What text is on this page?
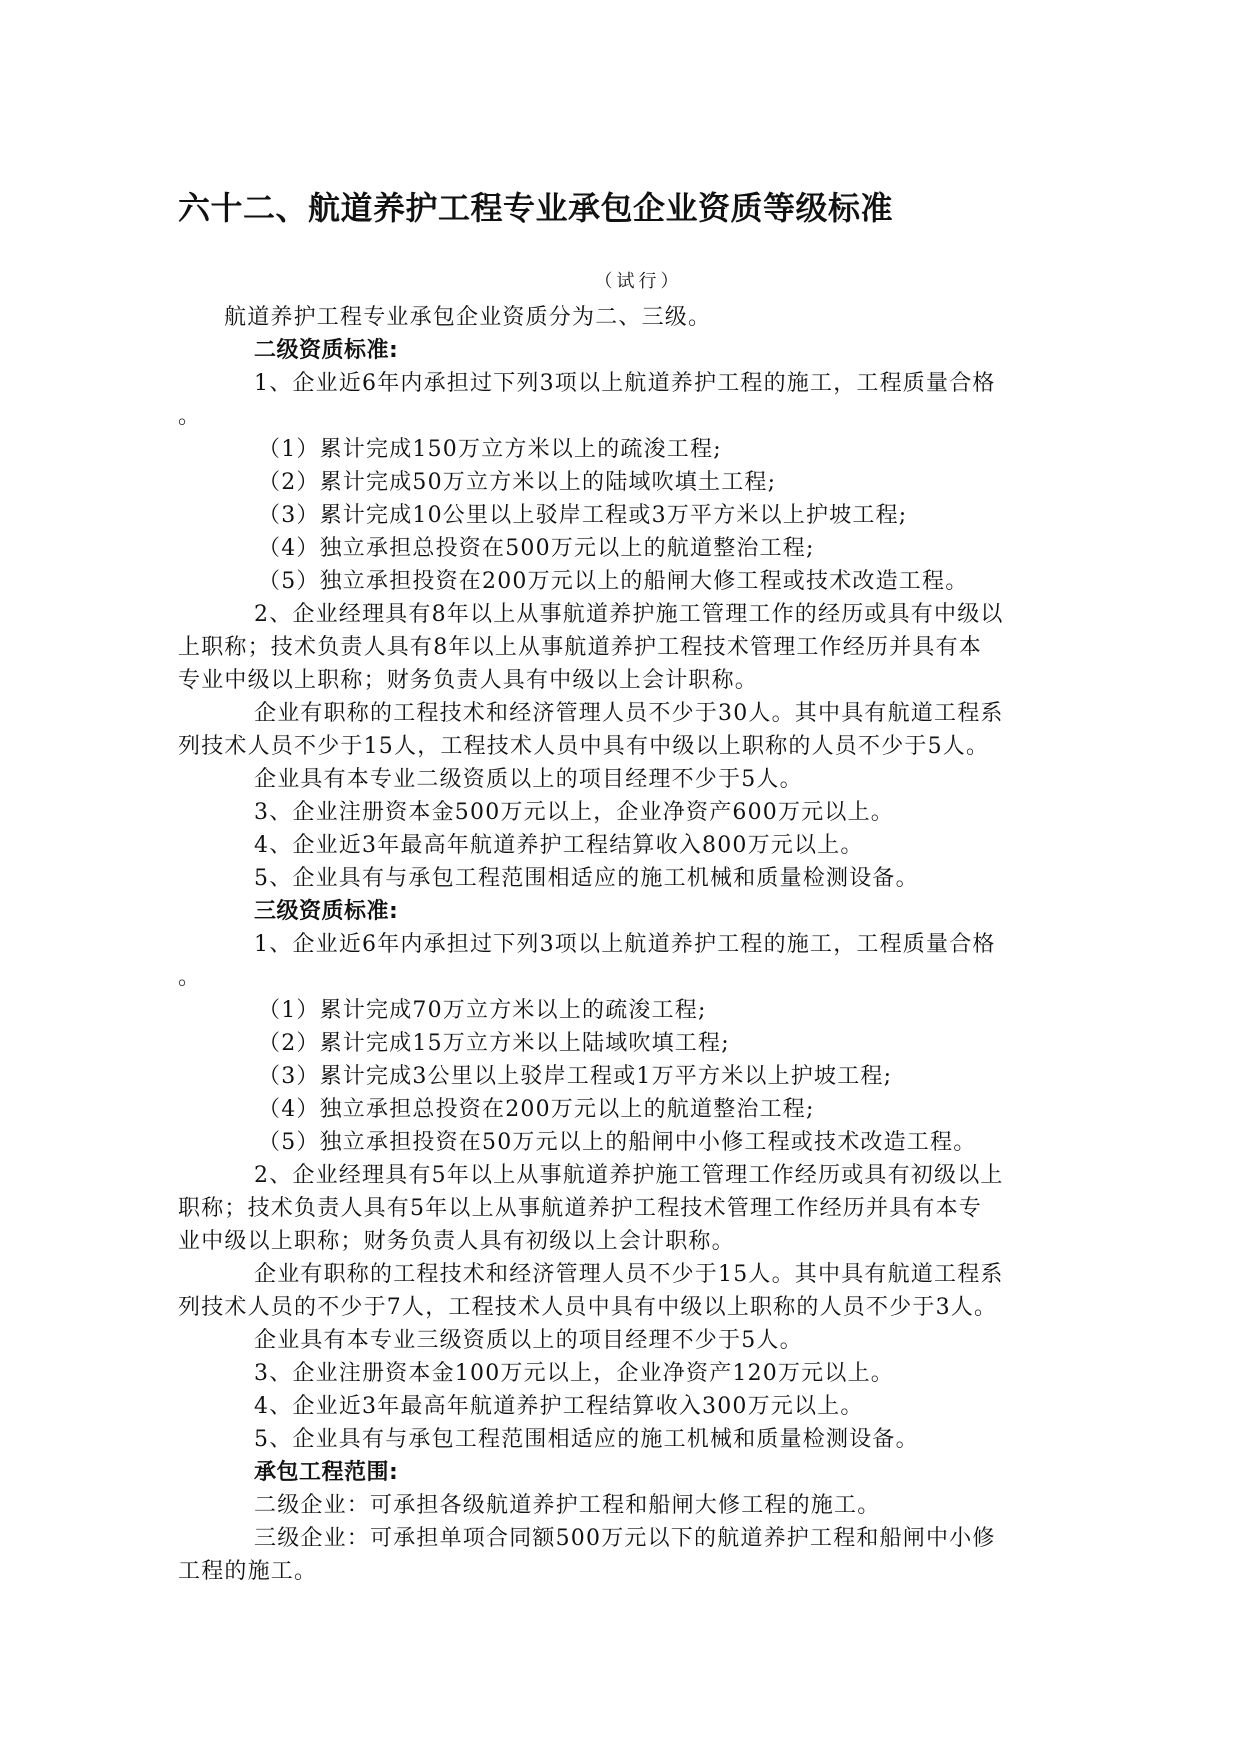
六十二、航道养护工程专业承包企业资质等级标准
（试行）

航道养护工程专业承包企业资质分为二、三级。

二级资质标准:

1、企业近6年内承担过下列3项以上航道养护工程的施工，工程质量合格

。

（1）累计完成150万立方米以上的疏浚工程;

（2）累计完成50万立方米以上的陆域吹填土工程;

（3）累计完成10公里以上驳岸工程或3万平方米以上护坡工程;

（4）独立承担总投资在500万元以上的航道整治工程;

（5）独立承担投资在200万元以上的船闸大修工程或技术改造工程。

2、企业经理具有8年以上从事航道养护施工管理工作的经历或具有中级以

上职称；技术负责人具有8年以上从事航道养护工程技术管理工作经历并具有本

专业中级以上职称；财务负责人具有中级以上会计职称。

企业有职称的工程技术和经济管理人员不少于30人。其中具有航道工程系

列技术人员不少于15人，工程技术人员中具有中级以上职称的人员不少于5人。

企业具有本专业二级资质以上的项目经理不少于5人。

3、企业注册资本金500万元以上，企业净资产600万元以上。

4、企业近3年最高年航道养护工程结算收入800万元以上。

5、企业具有与承包工程范围相适应的施工机械和质量检测设备。

三级资质标准:

1、企业近6年内承担过下列3项以上航道养护工程的施工，工程质量合格

。

（1）累计完成70万立方米以上的疏浚工程;

（2）累计完成15万立方米以上陆域吹填工程;

（3）累计完成3公里以上驳岸工程或1万平方米以上护坡工程;

（4）独立承担总投资在200万元以上的航道整治工程;

（5）独立承担投资在50万元以上的船闸中小修工程或技术改造工程。

2、企业经理具有5年以上从事航道养护施工管理工作经历或具有初级以上

职称；技术负责人具有5年以上从事航道养护工程技术管理工作经历并具有本专

业中级以上职称；财务负责人具有初级以上会计职称。

企业有职称的工程技术和经济管理人员不少于15人。其中具有航道工程系

列技术人员的不少于7人，工程技术人员中具有中级以上职称的人员不少于3人。

企业具有本专业三级资质以上的项目经理不少于5人。

3、企业注册资本金100万元以上，企业净资产120万元以上。

4、企业近3年最高年航道养护工程结算收入300万元以上。

5、企业具有与承包工程范围相适应的施工机械和质量检测设备。

承包工程范围:

二级企业：可承担各级航道养护工程和船闸大修工程的施工。

三级企业：可承担单项合同额500万元以下的航道养护工程和船闸中小修

工程的施工。
